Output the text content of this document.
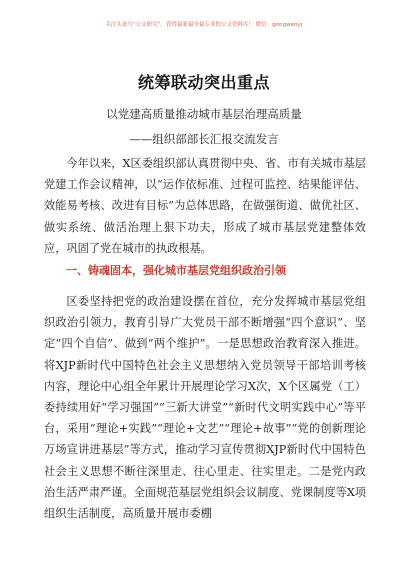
关注头条号“公文研究”，获得最新最全最专业的公文资料库！ 微信：gongwenyj
统筹联动突出重点
以党建高质量推动城市基层治理高质量
——组织部部长汇报交流发言

今年以来，X区委组织部认真贯彻中央、省、市有关城市基层党建工作会议精神，以“运作依标准、过程可监控、结果能评估、效能易考核、改进有目标”为总体思路，在做强街道、做优社区、做实系统、做活治理上狠下功夫，形成了城市基层党建整体效应，巩固了党在城市的执政根基。

一、铸魂固本，强化城市基层党组织政治引领

区委坚持把党的政治建设摆在首位，充分发挥城市基层党组织政治引领力，教育引导广大党员干部不断增强“四个意识”、坚定“四个自信”、做到“两个维护”。一是思想政治教育深入推进。将XJP新时代中国特色社会主义思想纳入党员领导干部培训考核内容，理论中心组全年累计开展理论学习X次，X个区属党（工）委持续用好“学习强国”“三新大讲堂”“新时代文明实践中心”等平台，采用“理论+实践”“理论+文艺”“理论+故事”“党的创新理论万场宣讲进基层”等方式，推动学习宣传贯彻XJP新时代中国特色社会主义思想不断往深里走、往心里走、往实里走。二是党内政治生活严肃严谨。全面规范基层党组织会议制度、党课制度等X项组织生活制度，高质量开展市委棚
